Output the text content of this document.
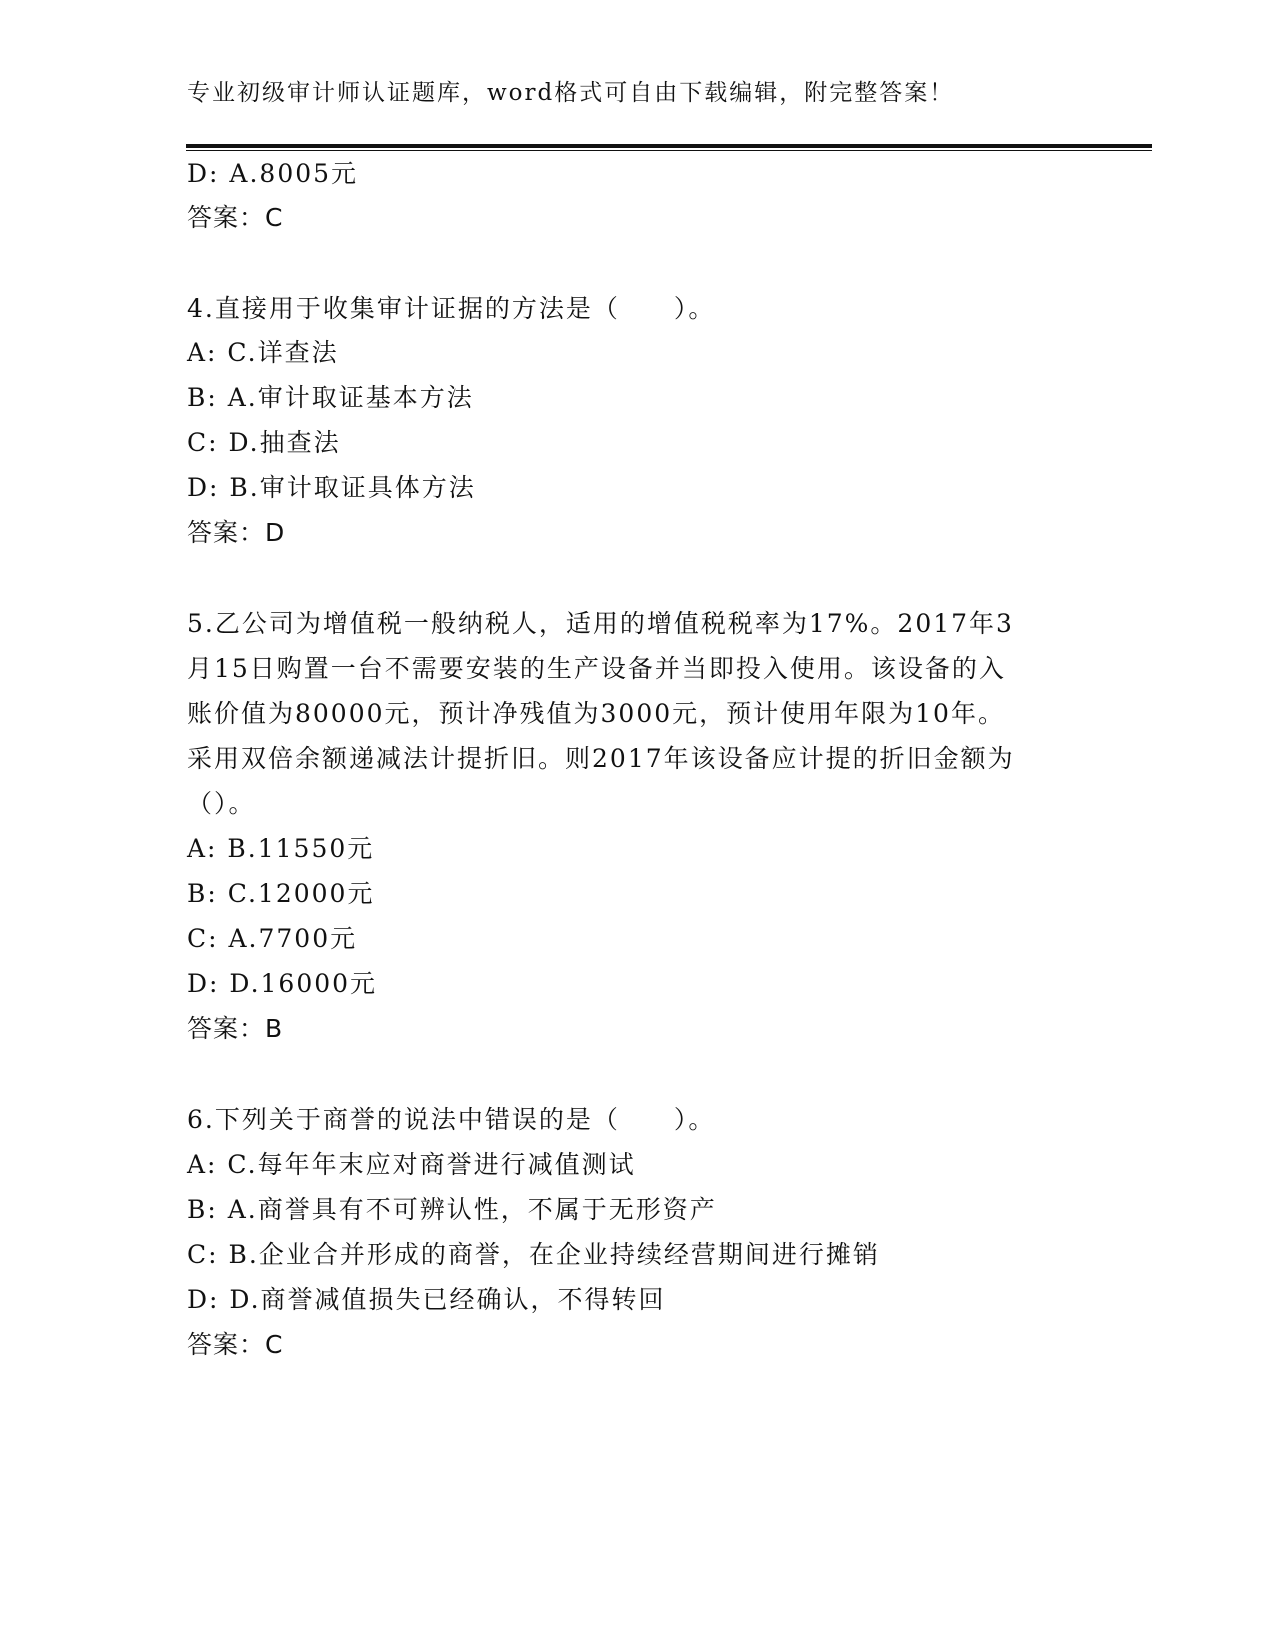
专业初级审计师认证题库，word格式可自由下载编辑，附完整答案！
D: A.8005元
答案：C
4.直接用于收集审计证据的方法是（　　）。
A: C.详查法
B: A.审计取证基本方法
C: D.抽查法
D: B.审计取证具体方法
答案：D
5.乙公司为增值税一般纳税人，适用的增值税税率为17%。2017年3
月15日购置一台不需要安装的生产设备并当即投入使用。该设备的入
账价值为80000元，预计净残值为3000元，预计使用年限为10年。
采用双倍余额递减法计提折旧。则2017年该设备应计提的折旧金额为
（）。
A: B.11550元
B: C.12000元
C: A.7700元
D: D.16000元
答案：B
6.下列关于商誉的说法中错误的是（　　）。
A: C.每年年末应对商誉进行减值测试
B: A.商誉具有不可辨认性，不属于无形资产
C: B.企业合并形成的商誉，在企业持续经营期间进行摊销
D: D.商誉减值损失已经确认，不得转回
答案：C
